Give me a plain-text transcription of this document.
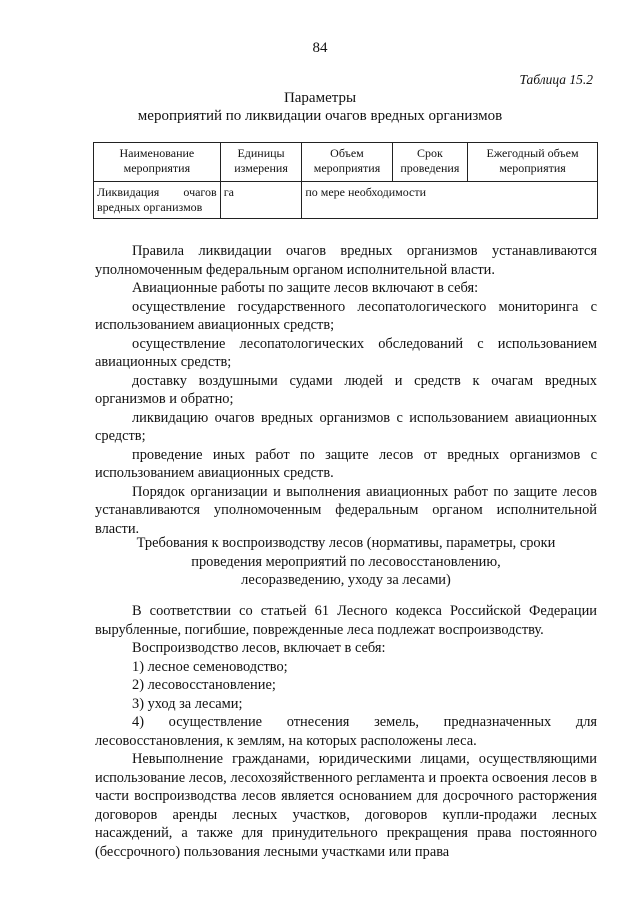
84
Таблица 15.2
Параметры
мероприятий по ликвидации очагов вредных организмов
Наименование мероприятия	Единицы измерения	Объем мероприятия	Срок проведения	Ежегодный объем мероприятия

Ликвидация очагов
вредных организмов	га	по мере необходимости		

Правила ликвидации очагов вредных организмов устанавливаются уполномоченным федеральным органом исполнительной власти.

Авиационные работы по защите лесов включают в себя:

осуществление государственного лесопатологического мониторинга с использованием авиационных средств;

осуществление лесопатологических обследований с использованием авиационных средств;

доставку воздушными судами людей и средств к очагам вредных организмов и обратно;

ликвидацию очагов вредных организмов с использованием авиационных средств;

проведение иных работ по защите лесов от вредных организмов с использованием авиационных средств.

Порядок организации и выполнения авиационных работ по защите лесов устанавливаются уполномоченным федеральным органом исполнительной власти.

Требования к воспроизводству лесов (нормативы, параметры, сроки
проведения мероприятий по лесовосстановлению,
лесоразведению, уходу за лесами)

В соответствии со статьей 61 Лесного кодекса Российской Федерации вырубленные, погибшие, поврежденные леса подлежат воспроизводству.

Воспроизводство лесов, включает в себя:

1) лесное семеноводство;

2) лесовосстановление;

3) уход за лесами;

4) осуществление отнесения земель, предназначенных для лесовосстановления, к землям, на которых расположены леса.

Невыполнение гражданами, юридическими лицами, осуществляющими использование лесов, лесохозяйственного регламента и проекта освоения лесов в части воспроизводства лесов является основанием для досрочного расторжения договоров аренды лесных участков, договоров купли-продажи лесных насаждений, а также для принудительного прекращения права постоянного (бессрочного) пользования лесными участками или права
